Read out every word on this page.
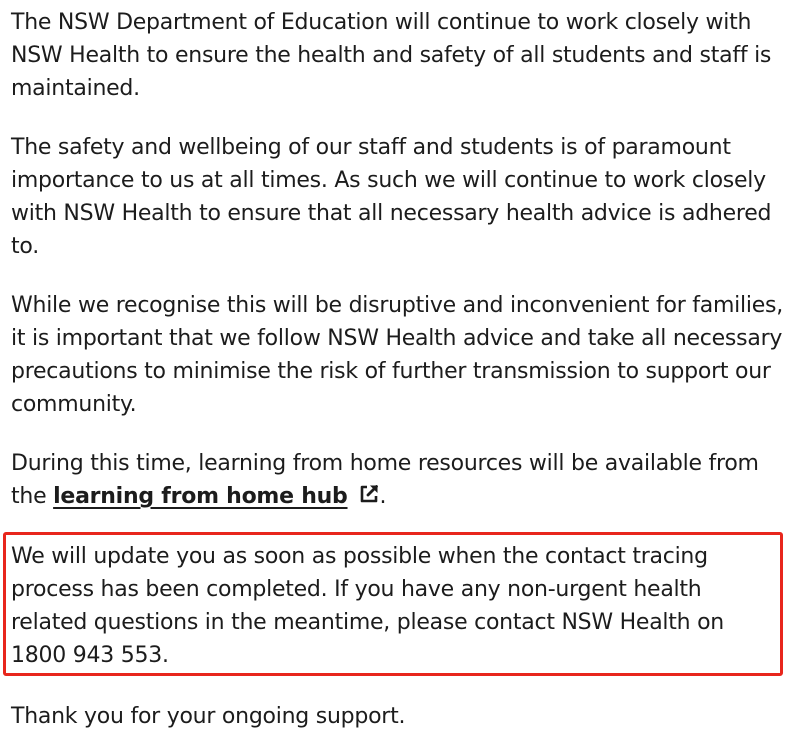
The NSW Department of Education will continue to work closely with NSW Health to ensure the health and safety of all students and staff is maintained.

The safety and wellbeing of our staff and students is of paramount importance to us at all times. As such we will continue to work closely with NSW Health to ensure that all necessary health advice is adhered to.

While we recognise this will be disruptive and inconvenient for families, it is important that we follow NSW Health advice and take all necessary precautions to minimise the risk of further transmission to support our community.

During this time, learning from home resources will be available from the learning from home hub .

We will update you as soon as possible when the contact tracing process has been completed. If you have any non-urgent health related questions in the meantime, please contact NSW Health on 1800 943 553.

Thank you for your ongoing support.
